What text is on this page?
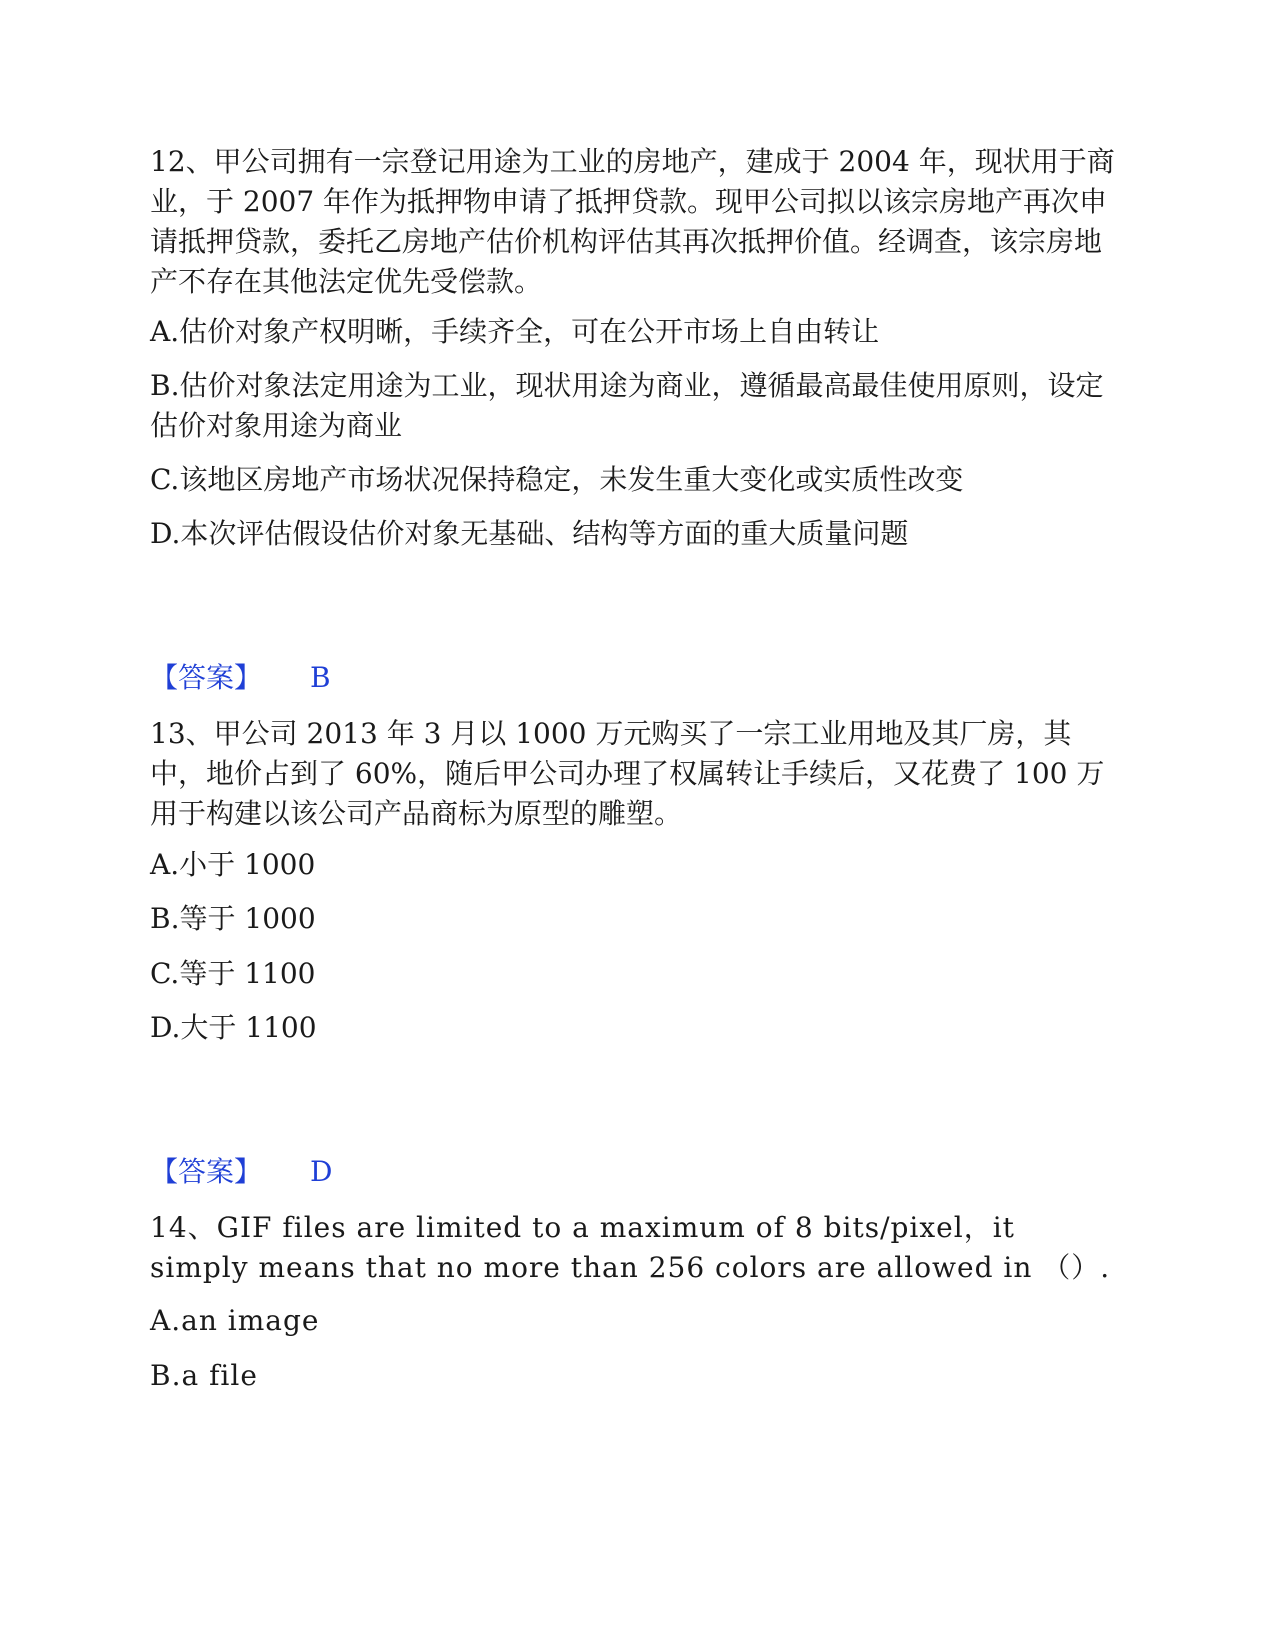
12、甲公司拥有一宗登记用途为工业的房地产，建成于 2004 年，现状用于商业，于 2007 年作为抵押物申请了抵押贷款。现甲公司拟以该宗房地产再次申请抵押贷款，委托乙房地产估价机构评估其再次抵押价值。经调查，该宗房地产不存在其他法定优先受偿款。
A.估价对象产权明晰，手续齐全，可在公开市场上自由转让
B.估价对象法定用途为工业，现状用途为商业，遵循最高最佳使用原则，设定估价对象用途为商业
C.该地区房地产市场状况保持稳定，未发生重大变化或实质性改变
D.本次评估假设估价对象无基础、结构等方面的重大质量问题
【答案】 B
13、甲公司 2013 年 3 月以 1000 万元购买了一宗工业用地及其厂房，其中，地价占到了 60%，随后甲公司办理了权属转让手续后，又花费了 100 万用于构建以该公司产品商标为原型的雕塑。
A.小于 1000
B.等于 1000
C.等于 1100
D.大于 1100
【答案】 D
14、GIF files are limited to a maximum of 8 bits/pixel，it simply means that no more than 256 colors are allowed in （）.
A.an image
B.a file
